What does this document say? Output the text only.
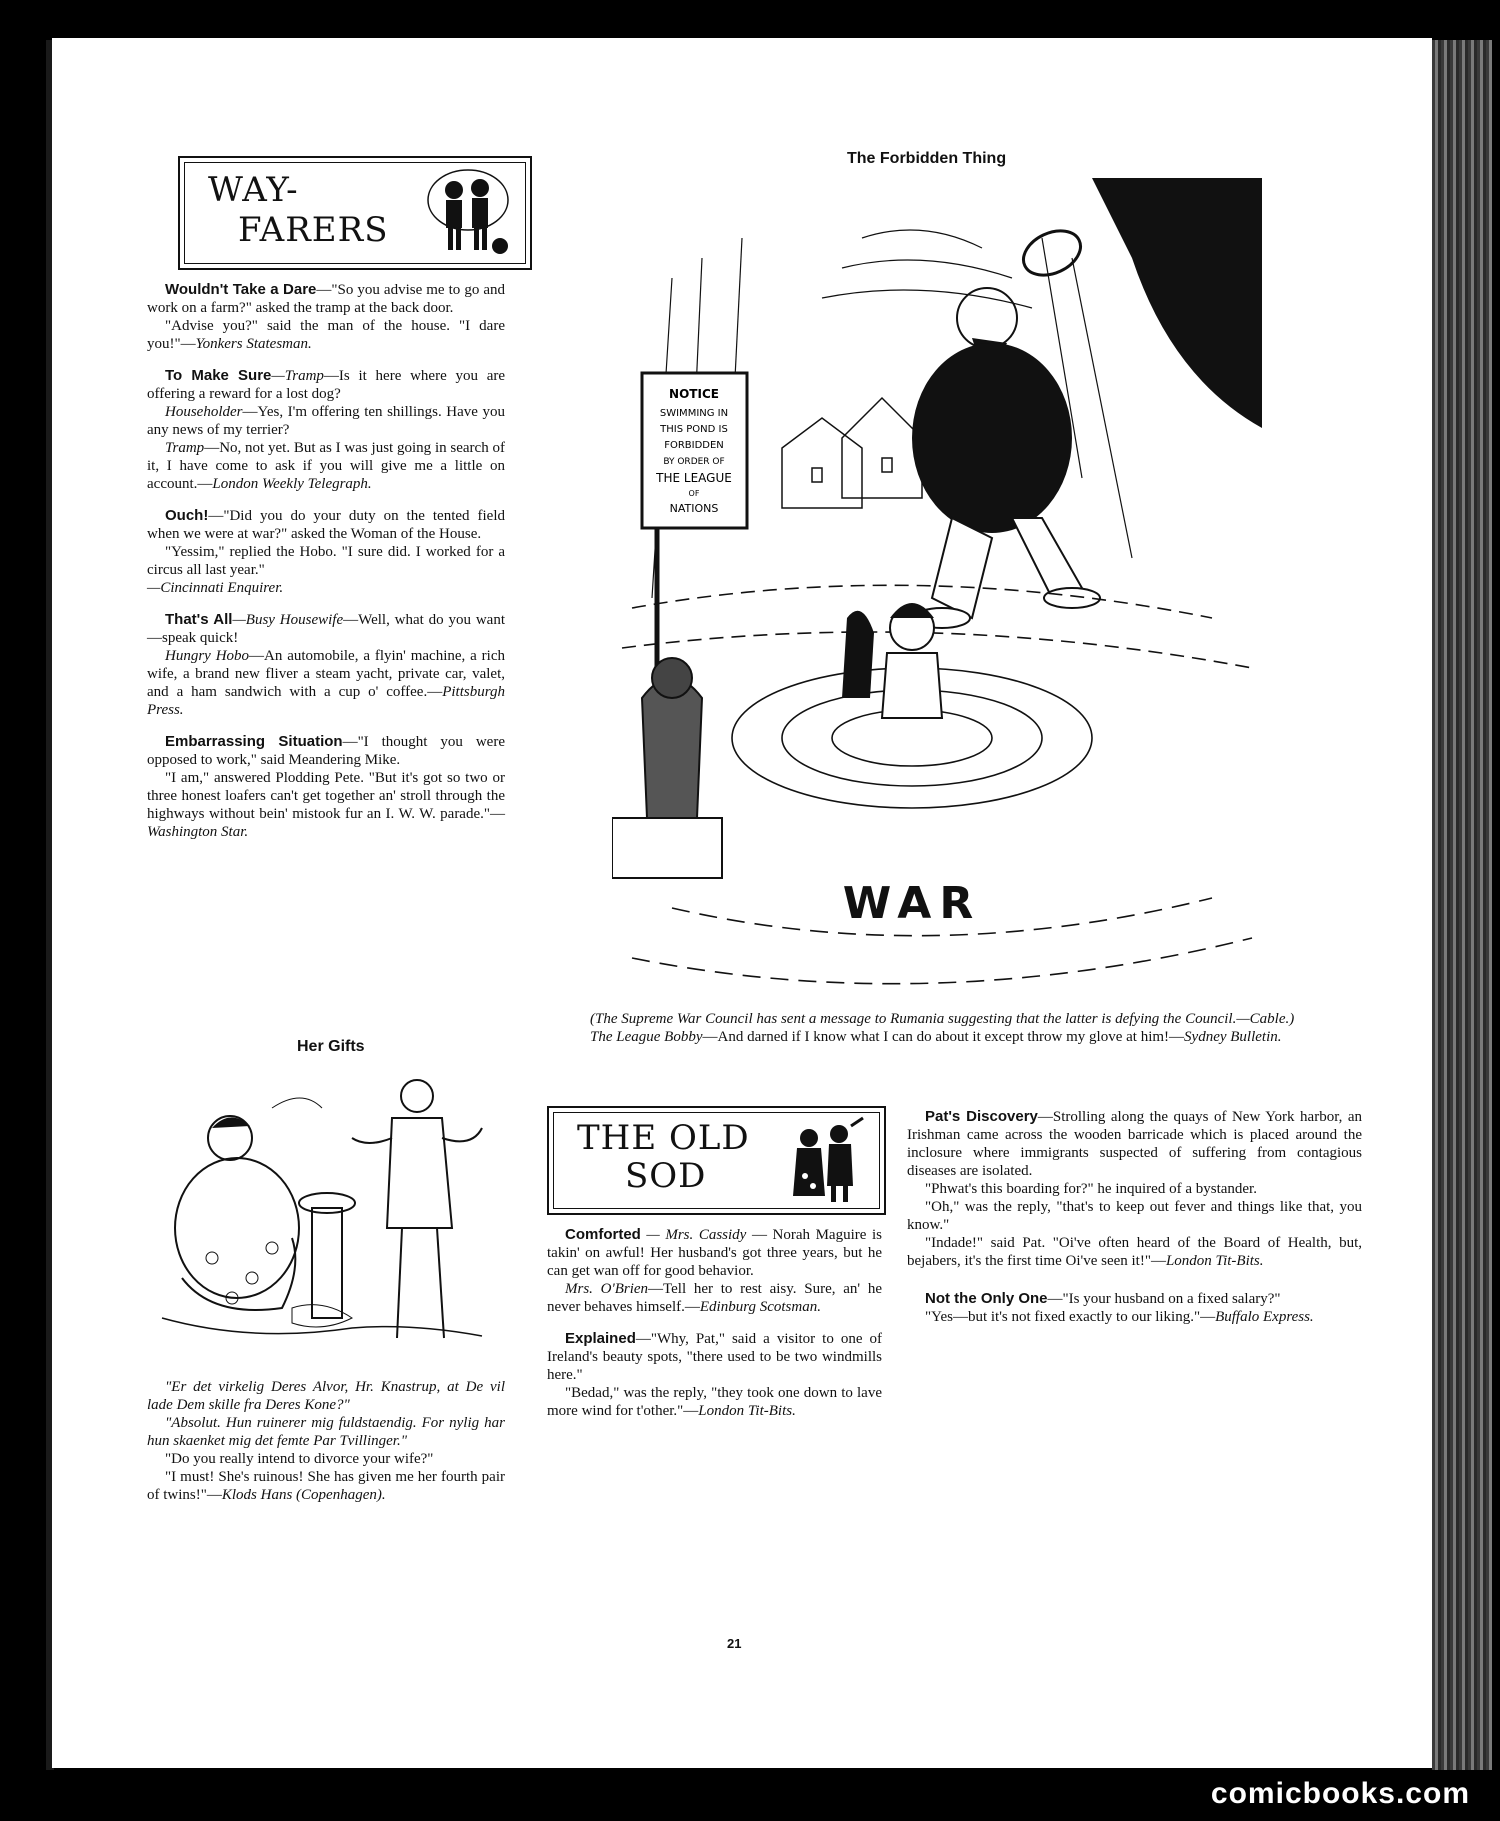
WAY-
FARERS

Wouldn't Take a Dare—"So you advise me to go and work on a farm?" asked the tramp at the back door.

"Advise you?" said the man of the house. "I dare you!"—Yonkers Statesman.

To Make Sure—Tramp—Is it here where you are offering a reward for a lost dog?

Householder—Yes, I'm offering ten shillings. Have you any news of my terrier?

Tramp—No, not yet. But as I was just going in search of it, I have come to ask if you will give me a little on account.—London Weekly Telegraph.

Ouch!—"Did you do your duty on the tented field when we were at war?" asked the Woman of the House.

"Yessim," replied the Hobo. "I sure did. I worked for a circus all last year."

—Cincinnati Enquirer.

That's All—Busy Housewife—Well, what do you want—speak quick!

Hungry Hobo—An automobile, a flyin' machine, a rich wife, a brand new fliver a steam yacht, private car, valet, and a ham sandwich with a cup o' coffee.—Pittsburgh Press.

Embarrassing Situation—"I thought you were opposed to work," said Meandering Mike.

"I am," answered Plodding Pete. "But it's got so two or three honest loafers can't get together an' stroll through the highways without bein' mistook fur an I. W. W. parade."—Washington Star.

Her Gifts

"Er det virkelig Deres Alvor, Hr. Knastrup, at De vil lade Dem skille fra Deres Kone?"

"Absolut. Hun ruinerer mig fuldstaendig. For nylig har hun skaenket mig det femte Par Tvillinger."

"Do you really intend to divorce your wife?"

"I must! She's ruinous! She has given me her fourth pair of twins!"—Klods Hans (Copenhagen).

The Forbidden Thing
NOTICE
SWIMMING IN
THIS POND IS
FORBIDDEN
BY ORDER OF
THE LEAGUE
OF
NATIONS
WAR

(The Supreme War Council has sent a message to Rumania suggesting that the latter is defying the Council.—Cable.)

The League Bobby—And darned if I know what I can do about it except throw my glove at him!—Sydney Bulletin.

THE OLD
SOD

Comforted — Mrs. Cassidy — Norah Maguire is takin' on awful! Her husband's got three years, but he can get wan off for good behavior.

Mrs. O'Brien—Tell her to rest aisy. Sure, an' he never behaves himself.—Edinburg Scotsman.

Explained—"Why, Pat," said a visitor to one of Ireland's beauty spots, "there used to be two windmills here."

"Bedad," was the reply, "they took one down to lave more wind for t'other."—London Tit-Bits.

Pat's Discovery—Strolling along the quays of New York harbor, an Irishman came across the wooden barricade which is placed around the inclosure where immigrants suspected of suffering from contagious diseases are isolated.

"Phwat's this boarding for?" he inquired of a bystander.

"Oh," was the reply, "that's to keep out fever and things like that, you know."

"Indade!" said Pat. "Oi've often heard of the Board of Health, but, bejabers, it's the first time Oi've seen it!"—London Tit-Bits.

Not the Only One—"Is your husband on a fixed salary?"

"Yes—but it's not fixed exactly to our liking."—Buffalo Express.

21
comicbooks.com
